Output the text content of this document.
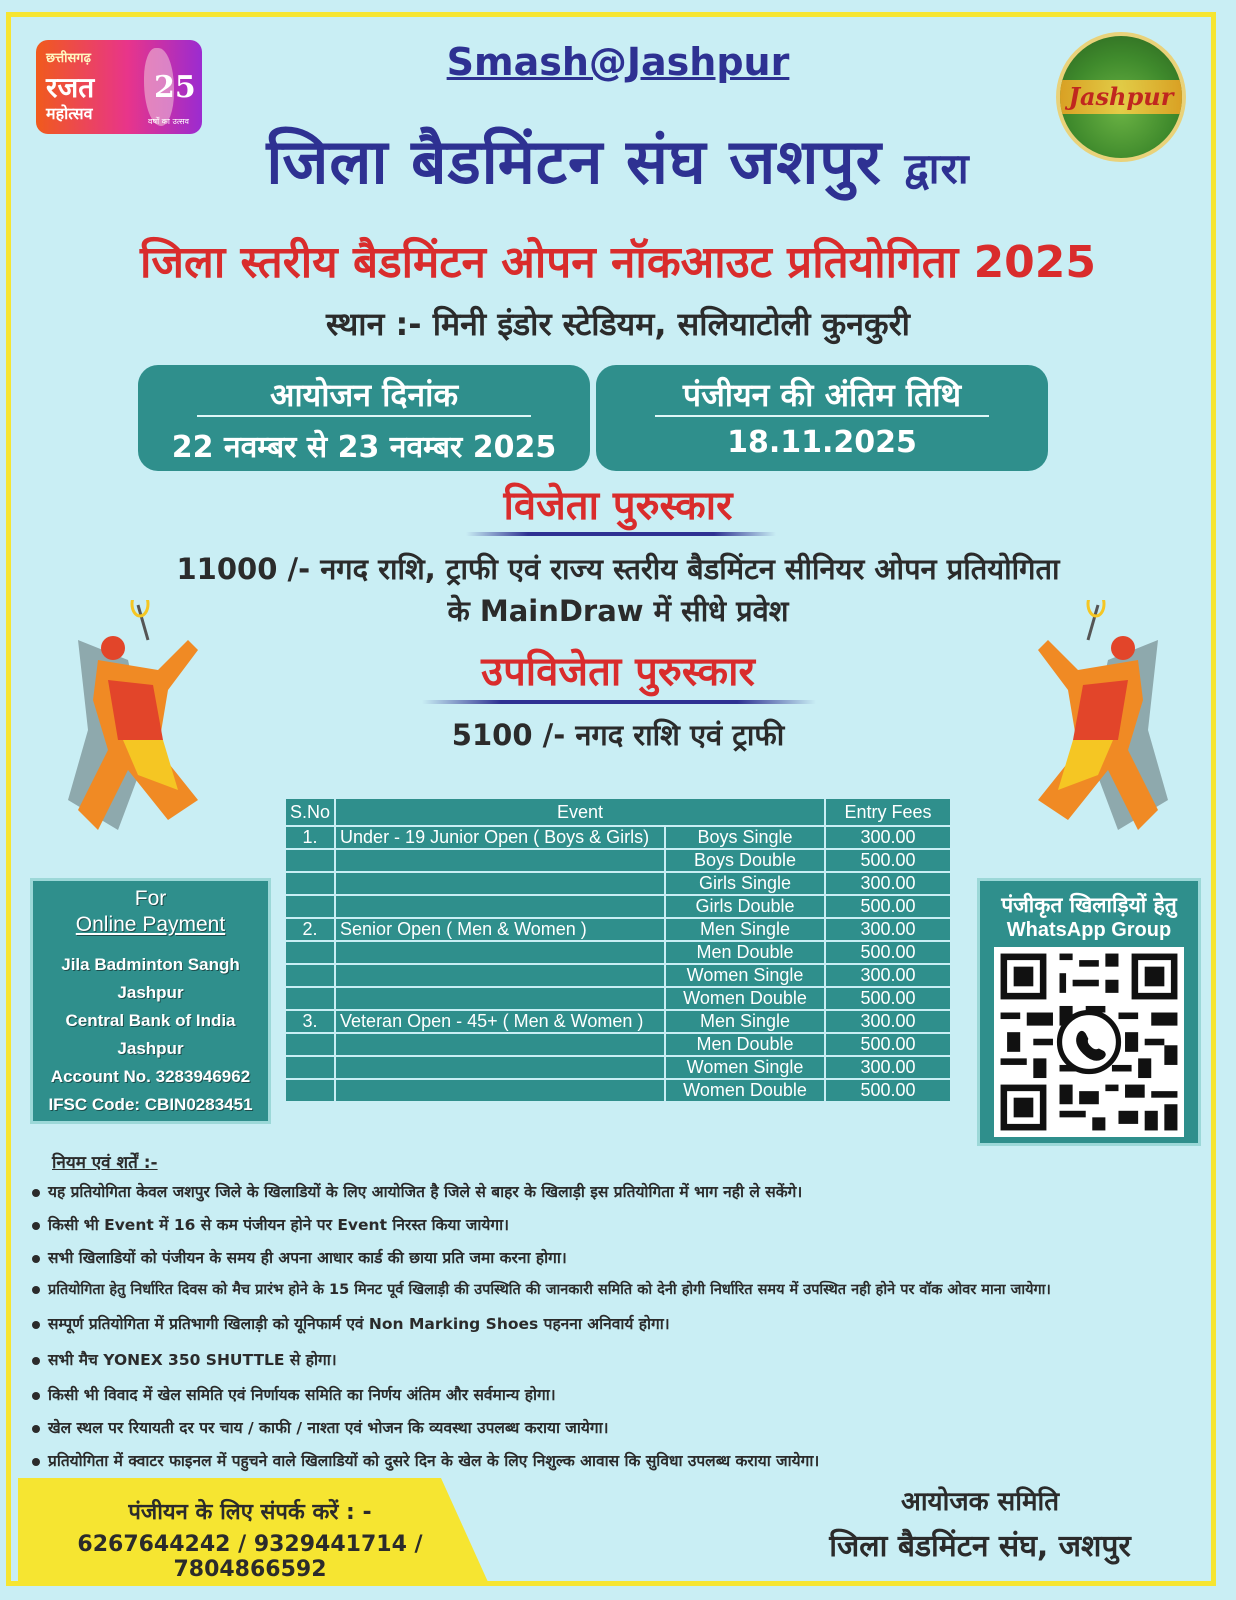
छत्तीसगढ़
रजत
महोत्सव
25
वर्षों का उत्सव
Jashpur
Smash@Jashpur
जिला बैडमिंटन संघ जशपुर द्वारा
जिला स्तरीय बैडमिंटन ओपन नॉकआउट प्रतियोगिता 2025
स्थान :- मिनी इंडोर स्टेडियम, सलियाटोली कुनकुरी
आयोजन दिनांक
22 नवम्बर से 23 नवम्बर 2025
पंजीयन की अंतिम तिथि
18.11.2025
विजेता पुरुस्कार
11000 /- नगद राशि, ट्राफी एवं राज्य स्तरीय बैडमिंटन सीनियर ओपन प्रतियोगिता
के MainDraw में सीधे प्रवेश
उपविजेता पुरुस्कार
5100 /- नगद राशि एवं ट्राफी
S.No	Event		Entry Fees
1.	Under - 19 Junior Open ( Boys & Girls)	Boys Single	300.00
		Boys Double	500.00
		Girls Single	300.00
		Girls Double	500.00
2.	Senior Open ( Men & Women )	Men Single	300.00
		Men Double	500.00
		Women Single	300.00
		Women Double	500.00
3.	Veteran Open - 45+ ( Men & Women )	Men Single	300.00
		Men Double	500.00
		Women Single	300.00
		Women Double	500.00
For
Online Payment
Jila Badminton Sangh
Jashpur
Central Bank of India
Jashpur
Account No. 3283946962
IFSC Code: CBIN0283451
पंजीकृत खिलाड़ियों हेतु
WhatsApp Group
नियम एवं शर्तें :-
यह प्रतियोगिता केवल जशपुर जिले के खिलाडियों के लिए आयोजित है जिले से बाहर के खिलाड़ी इस प्रतियोगिता में भाग नही ले सकेंगे।
किसी भी Event में 16 से कम पंजीयन होने पर Event निरस्त किया जायेगा।
सभी खिलाडियों को पंजीयन के समय ही अपना आधार कार्ड की छाया प्रति जमा करना होगा।
प्रतियोगिता हेतु निर्धारित दिवस को मैच प्रारंभ होने के 15 मिनट पूर्व खिलाड़ी की उपस्थिति की जानकारी समिति को देनी होगी निर्धारित समय में उपस्थित नही होने पर वॉक ओवर माना जायेगा।
सम्पूर्ण प्रतियोगिता में प्रतिभागी खिलाड़ी को यूनिफार्म एवं Non Marking Shoes पहनना अनिवार्य होगा।
सभी मैच YONEX 350 SHUTTLE से होगा।
किसी भी विवाद में खेल समिति एवं निर्णायक समिति का निर्णय अंतिम और सर्वमान्य होगा।
खेल स्थल पर रियायती दर पर चाय / काफी / नाश्ता एवं भोजन कि व्यवस्था उपलब्ध कराया जायेगा।
प्रतियोगिता में क्वाटर फाइनल में पहुचने वाले खिलाडियों को दुसरे दिन के खेल के लिए निशुल्क आवास कि सुविधा उपलब्ध कराया जायेगा।
पंजीयन के लिए संपर्क करें : -
6267644242 / 9329441714 / 7804866592
आयोजक समिति
जिला बैडमिंटन संघ, जशपुर
